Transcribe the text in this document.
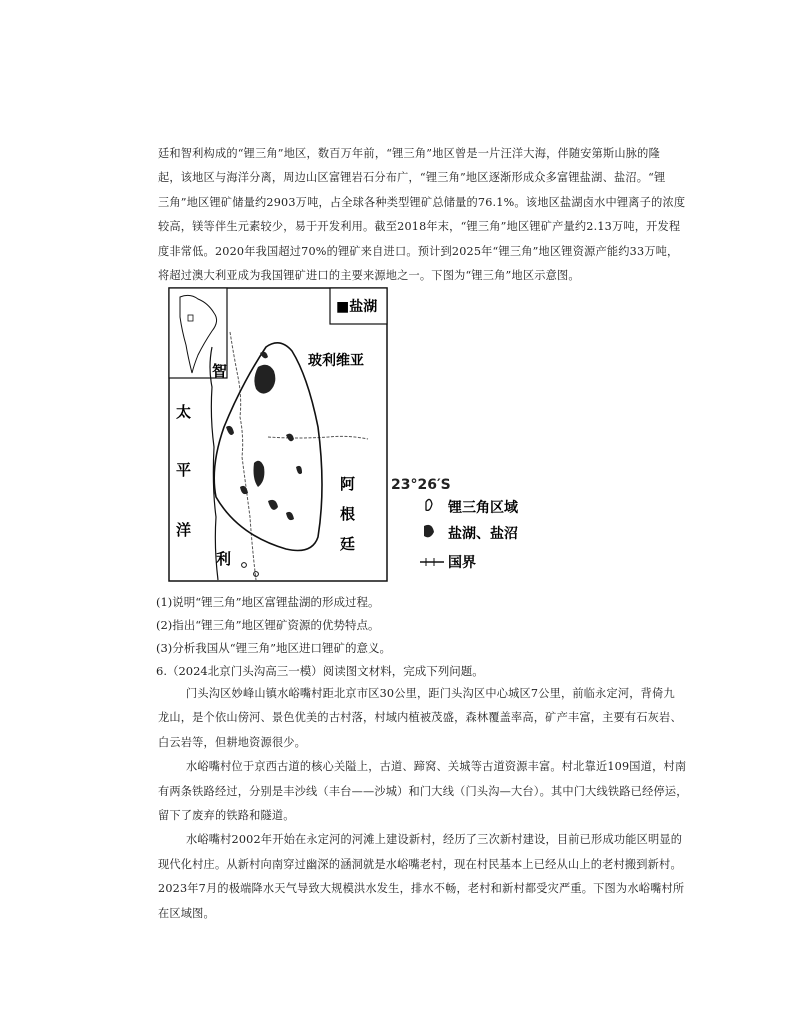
廷和智利构成的“锂三角”地区，数百万年前，“锂三角”地区曾是一片汪洋大海，伴随安第斯山脉的隆
起，该地区与海洋分离，周边山区富锂岩石分布广，“锂三角”地区逐渐形成众多富锂盐湖、盐沼。“锂
三角”地区锂矿储量约2903万吨，占全球各种类型锂矿总储量的76.1%。该地区盐湖卤水中锂离子的浓度
较高，镁等伴生元素较少，易于开发利用。截至2018年末，“锂三角”地区锂矿产量约2.13万吨，开发程
度非常低。2020年我国超过70%的锂矿来自进口。预计到2025年“锂三角”地区锂资源产能约33万吨，
将超过澳大利亚成为我国锂矿进口的主要来源地之一。下图为“锂三角”地区示意图。
■盐湖
玻利维亚
智
利
太
平
洋
阿
根
廷
23°26′S
锂三角区域
盐湖、盐沼
国界
(1)说明“锂三角”地区富锂盐湖的形成过程。
(2)指出“锂三角”地区锂矿资源的优势特点。
(3)分析我国从“锂三角”地区进口锂矿的意义。
6.（2024北京门头沟高三一模）阅读图文材料，完成下列问题。
门头沟区妙峰山镇水峪嘴村距北京市区30公里，距门头沟区中心城区7公里，前临永定河，背倚九
龙山，是个依山傍河、景色优美的古村落，村域内植被茂盛，森林覆盖率高，矿产丰富，主要有石灰岩、
白云岩等，但耕地资源很少。
水峪嘴村位于京西古道的核心关隘上，古道、蹄窝、关城等古道资源丰富。村北靠近109国道，村南
有两条铁路经过，分别是丰沙线（丰台——沙城）和门大线（门头沟—大台）。其中门大线铁路已经停运，
留下了废弃的铁路和隧道。
水峪嘴村2002年开始在永定河的河滩上建设新村，经历了三次新村建设，目前已形成功能区明显的
现代化村庄。从新村向南穿过幽深的涵洞就是水峪嘴老村，现在村民基本上已经从山上的老村搬到新村。
2023年7月的极端降水天气导致大规模洪水发生，排水不畅，老村和新村都受灾严重。下图为水峪嘴村所
在区域图。
